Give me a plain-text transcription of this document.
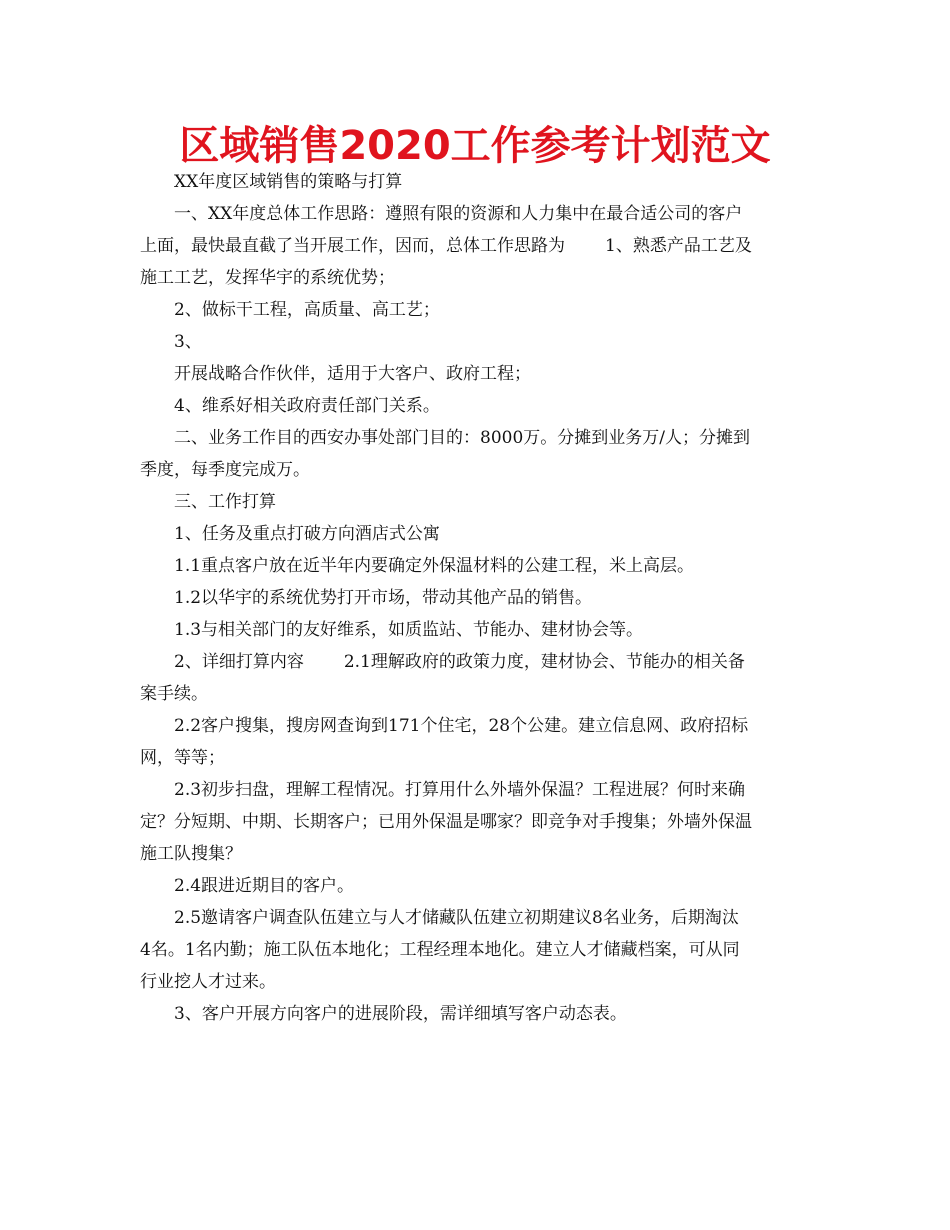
区域销售2020工作参考计划范文

XX年度区域销售的策略与打算

一、XX年度总体工作思路：遵照有限的资源和人力集中在最合适公司的客户

上面，最快最直截了当开展工作，因而，总体工作思路为 1、熟悉产品工艺及

施工工艺，发挥华宇的系统优势；

2、做标干工程，高质量、高工艺；

3、

开展战略合作伙伴，适用于大客户、政府工程；

4、维系好相关政府责任部门关系。

二、业务工作目的西安办事处部门目的：8000万。分摊到业务万/人；分摊到

季度，每季度完成万。

三、工作打算

1、任务及重点打破方向酒店式公寓

1.1重点客户放在近半年内要确定外保温材料的公建工程，米上高层。

1.2以华宇的系统优势打开市场，带动其他产品的销售。

1.3与相关部门的友好维系，如质监站、节能办、建材协会等。

2、详细打算内容 2.1理解政府的政策力度，建材协会、节能办的相关备

案手续。

2.2客户搜集，搜房网查询到171个住宅，28个公建。建立信息网、政府招标

网，等等；

2.3初步扫盘，理解工程情况。打算用什么外墙外保温？工程进展？何时来确

定？分短期、中期、长期客户；已用外保温是哪家？即竞争对手搜集；外墙外保温

施工队搜集？

2.4跟进近期目的客户。

2.5邀请客户调查队伍建立与人才储藏队伍建立初期建议8名业务，后期淘汰

4名。1名内勤；施工队伍本地化；工程经理本地化。建立人才储藏档案，可从同

行业挖人才过来。

3、客户开展方向客户的进展阶段，需详细填写客户动态表。
